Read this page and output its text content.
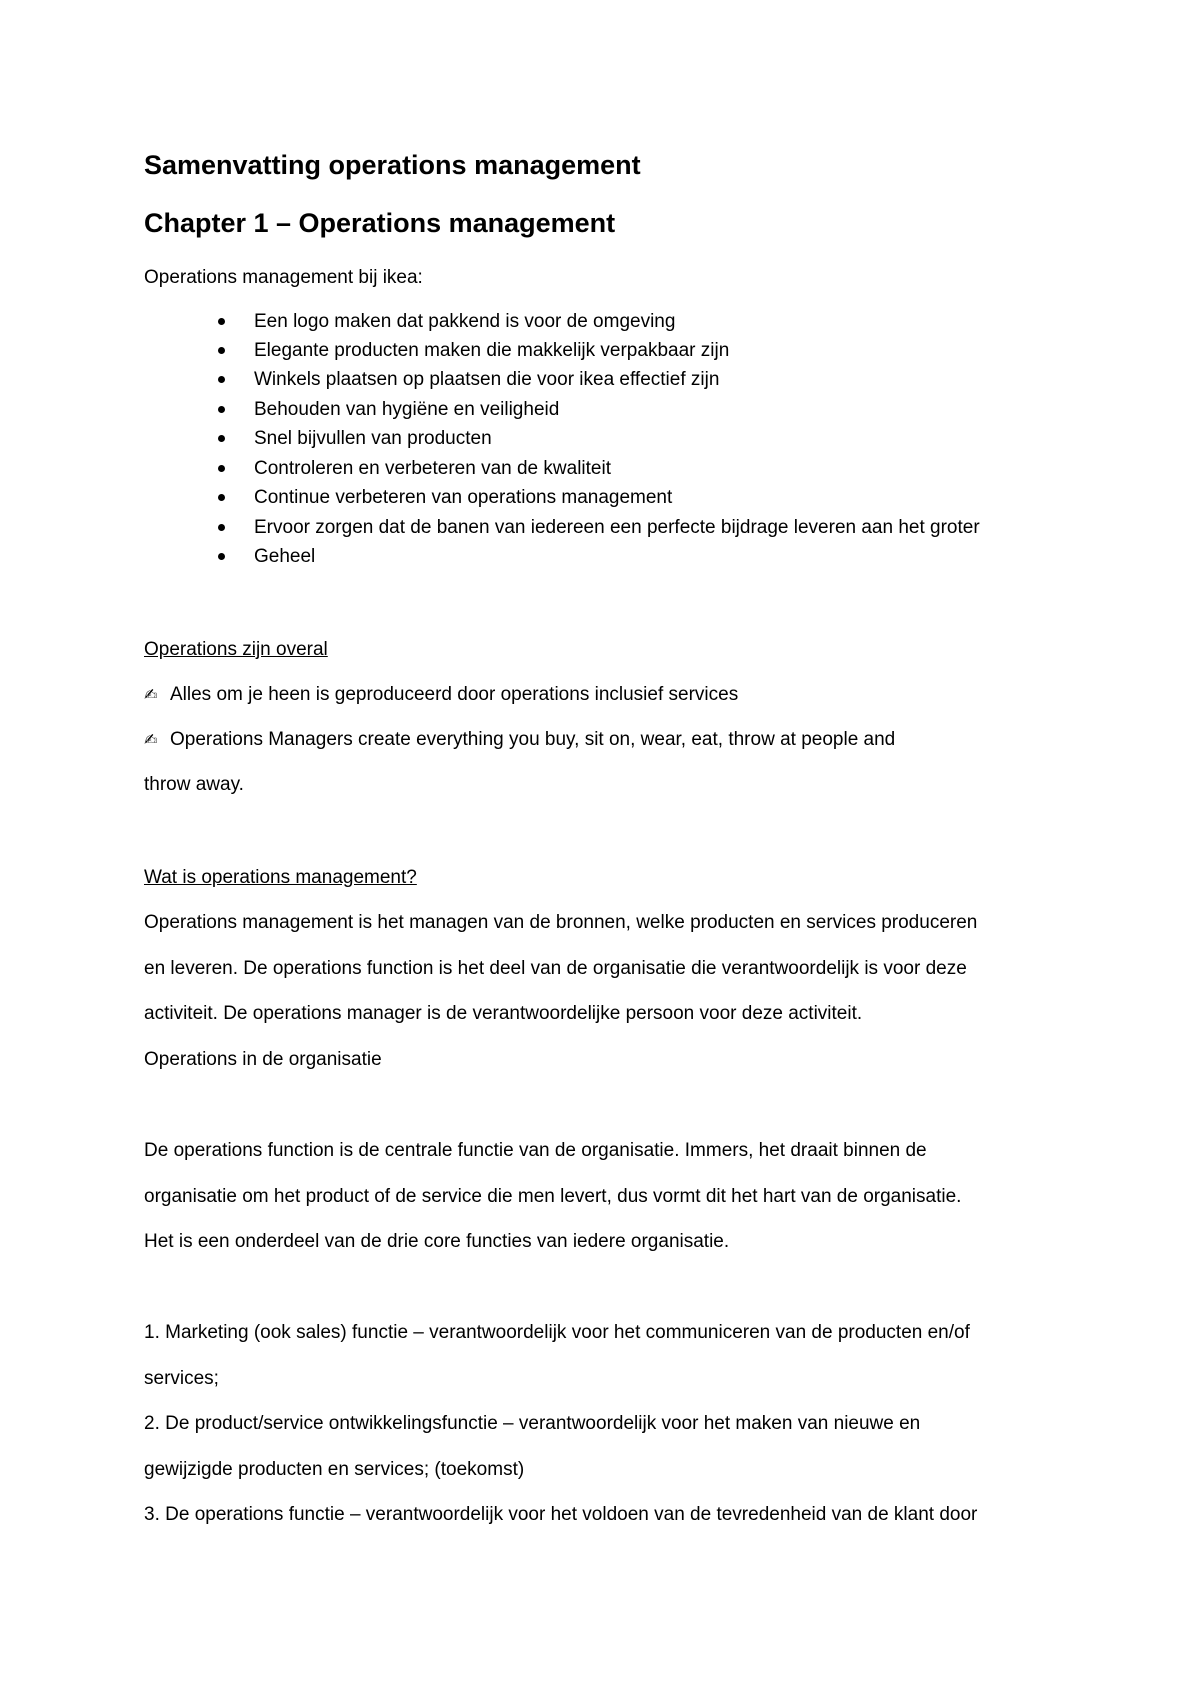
Samenvatting operations management
Chapter 1 – Operations management
Operations management bij ikea:
Een logo maken dat pakkend is voor de omgeving
Elegante producten maken die makkelijk verpakbaar zijn
Winkels plaatsen op plaatsen die voor ikea effectief zijn
Behouden van hygiëne en veiligheid
Snel bijvullen van producten
Controleren en verbeteren van de kwaliteit
Continue verbeteren van operations management
Ervoor zorgen dat de banen van iedereen een perfecte bijdrage leveren aan het groter
Geheel
Operations zijn overal
✍ Alles om je heen is geproduceerd door operations inclusief services
✍ Operations Managers create everything you buy, sit on, wear, eat, throw at people and
throw away.
Wat is operations management?
Operations management is het managen van de bronnen, welke producten en services produceren
en leveren. De operations function is het deel van de organisatie die verantwoordelijk is voor deze
activiteit. De operations manager is de verantwoordelijke persoon voor deze activiteit.
Operations in de organisatie
De operations function is de centrale functie van de organisatie. Immers, het draait binnen de
organisatie om het product of de service die men levert, dus vormt dit het hart van de organisatie.
Het is een onderdeel van de drie core functies van iedere organisatie.
1. Marketing (ook sales) functie – verantwoordelijk voor het communiceren van de producten en/of
services;
2. De product/service ontwikkelingsfunctie – verantwoordelijk voor het maken van nieuwe en
gewijzigde producten en services; (toekomst)
3. De operations functie – verantwoordelijk voor het voldoen van de tevredenheid van de klant door
